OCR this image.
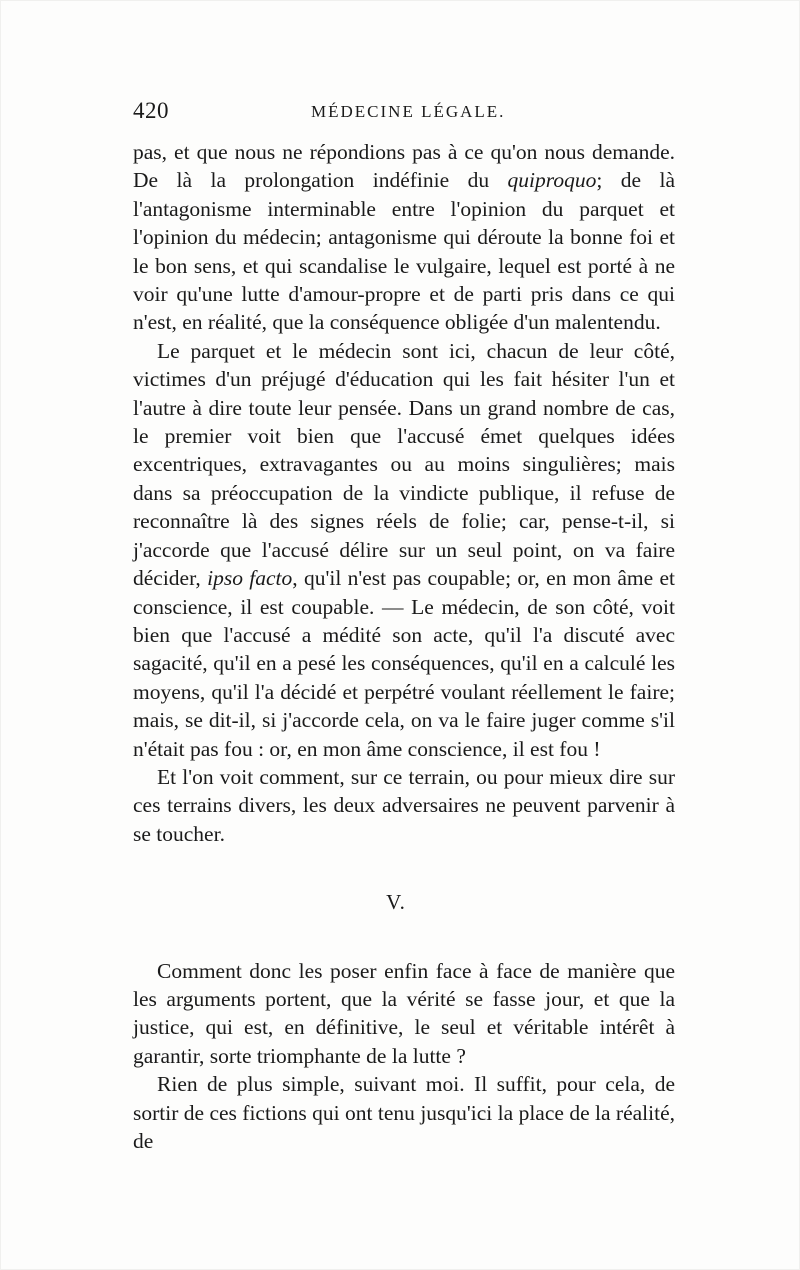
420	MÉDECINE LÉGALE.

pas, et que nous ne répondions pas à ce qu'on nous demande. De là la prolongation indéfinie du quiproquo; de là l'antagonisme interminable entre l'opinion du parquet et l'opinion du médecin; antagonisme qui déroute la bonne foi et le bon sens, et qui scandalise le vulgaire, lequel est porté à ne voir qu'une lutte d'amour-propre et de parti pris dans ce qui n'est, en réalité, que la conséquence obligée d'un malentendu.

Le parquet et le médecin sont ici, chacun de leur côté, victimes d'un préjugé d'éducation qui les fait hésiter l'un et l'autre à dire toute leur pensée. Dans un grand nombre de cas, le premier voit bien que l'accusé émet quelques idées excentriques, extravagantes ou au moins singulières; mais dans sa préoccupation de la vindicte publique, il refuse de reconnaître là des signes réels de folie; car, pense-t-il, si j'accorde que l'accusé délire sur un seul point, on va faire décider, ipso facto, qu'il n'est pas coupable; or, en mon âme et conscience, il est coupable. — Le médecin, de son côté, voit bien que l'accusé a médité son acte, qu'il l'a discuté avec sagacité, qu'il en a pesé les conséquences, qu'il en a calculé les moyens, qu'il l'a décidé et perpétré voulant réellement le faire; mais, se dit-il, si j'accorde cela, on va le faire juger comme s'il n'était pas fou : or, en mon âme conscience, il est fou !

Et l'on voit comment, sur ce terrain, ou pour mieux dire sur ces terrains divers, les deux adversaires ne peuvent parvenir à se toucher.

V.

Comment donc les poser enfin face à face de manière que les arguments portent, que la vérité se fasse jour, et que la justice, qui est, en définitive, le seul et véritable intérêt à garantir, sorte triomphante de la lutte ?

Rien de plus simple, suivant moi. Il suffit, pour cela, de sortir de ces fictions qui ont tenu jusqu'ici la place de la réalité, de
